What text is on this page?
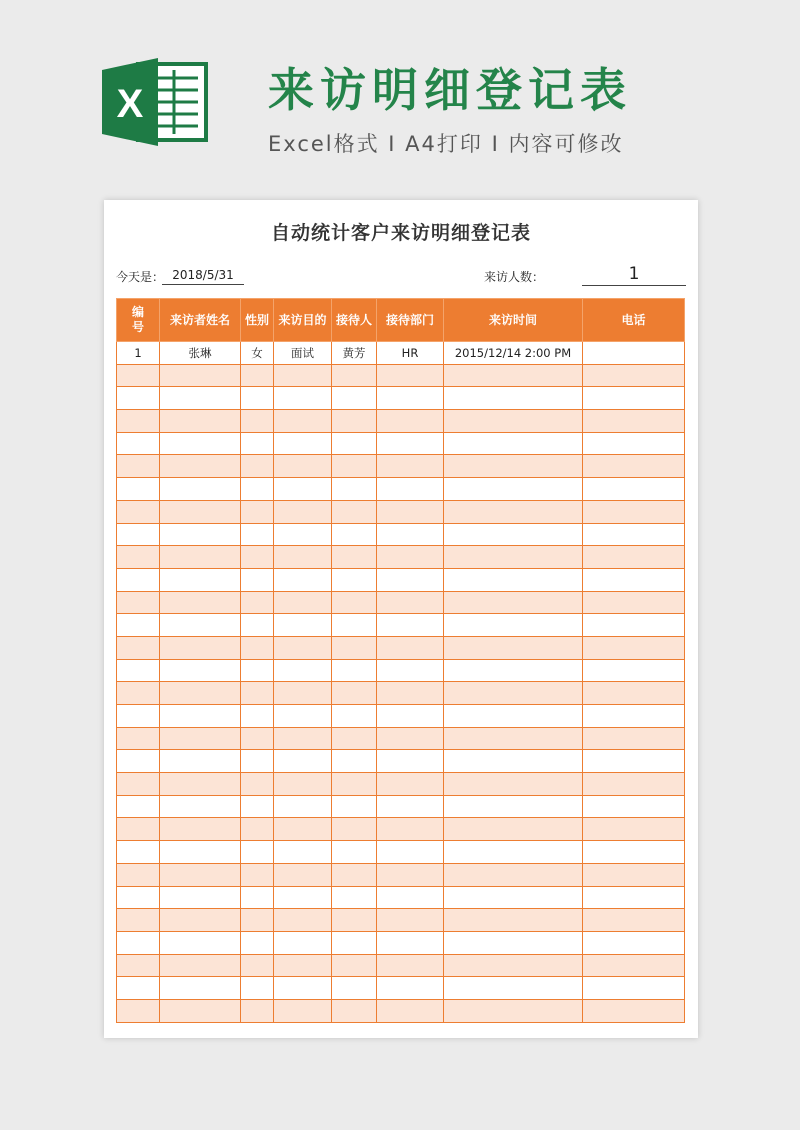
X	来访明细登记表
Excel格式 I A4打印 I 内容可修改
自动统计客户来访明细登记表
今天是： 2018/5/31	来访人数：	1
编号	来访者姓名	性别	来访目的	接待人	接待部门	来访时间	电话
1	张琳	女	面试	黄芳	HR	2015/12/14 2:00 PM	
